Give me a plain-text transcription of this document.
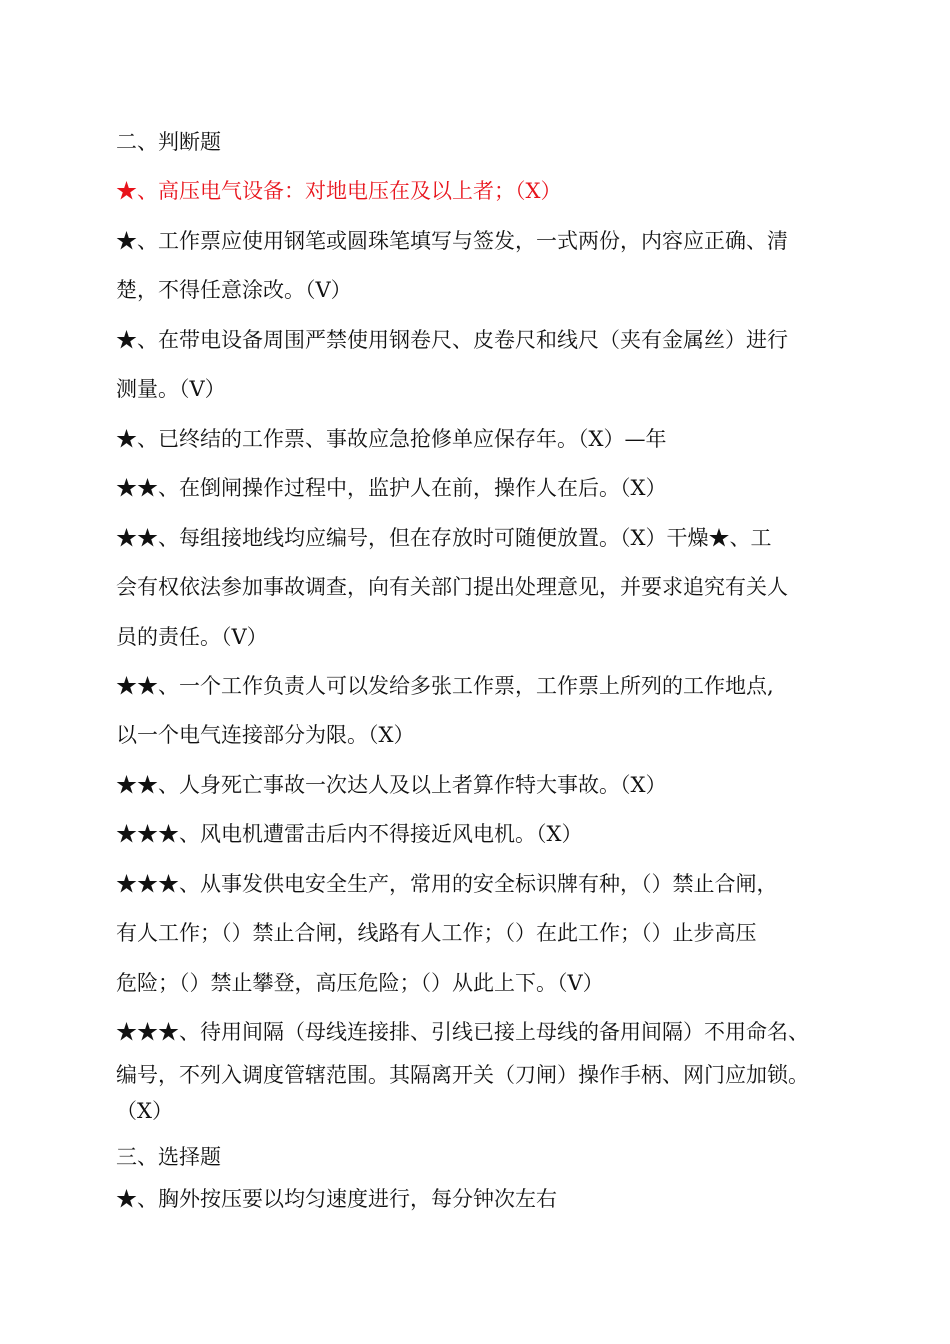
二、判断题

★、高压电气设备：对地电压在及以上者；（X）

★、工作票应使用钢笔或圆珠笔填写与签发，一式两份，内容应正确、清

楚，不得任意涂改。（V）

★、在带电设备周围严禁使用钢卷尺、皮卷尺和线尺（夹有金属丝）进行

测量。（V）

★、已终结的工作票、事故应急抢修单应保存年。（X）—年

★★、在倒闸操作过程中，监护人在前，操作人在后。（X）

★★、每组接地线均应编号，但在存放时可随便放置。（X）干燥★、工

会有权依法参加事故调查，向有关部门提出处理意见，并要求追究有关人

员的责任。（V）

★★、一个工作负责人可以发给多张工作票，工作票上所列的工作地点,

以一个电气连接部分为限。（X）

★★、人身死亡事故一次达人及以上者算作特大事故。（X）

★★★、风电机遭雷击后内不得接近风电机。（X）

★★★、从事发供电安全生产，常用的安全标识牌有种，（）禁止合闸，

有人工作；（）禁止合闸，线路有人工作；（）在此工作；（）止步高压

危险；（）禁止攀登，高压危险；（）从此上下。（V）

★★★、待用间隔（母线连接排、引线已接上母线的备用间隔）不用命名、

编号，不列入调度管辖范围。其隔离开关（刀闸）操作手柄、网门应加锁。

（X）

三、选择题

★、胸外按压要以均匀速度进行，每分钟次左右
